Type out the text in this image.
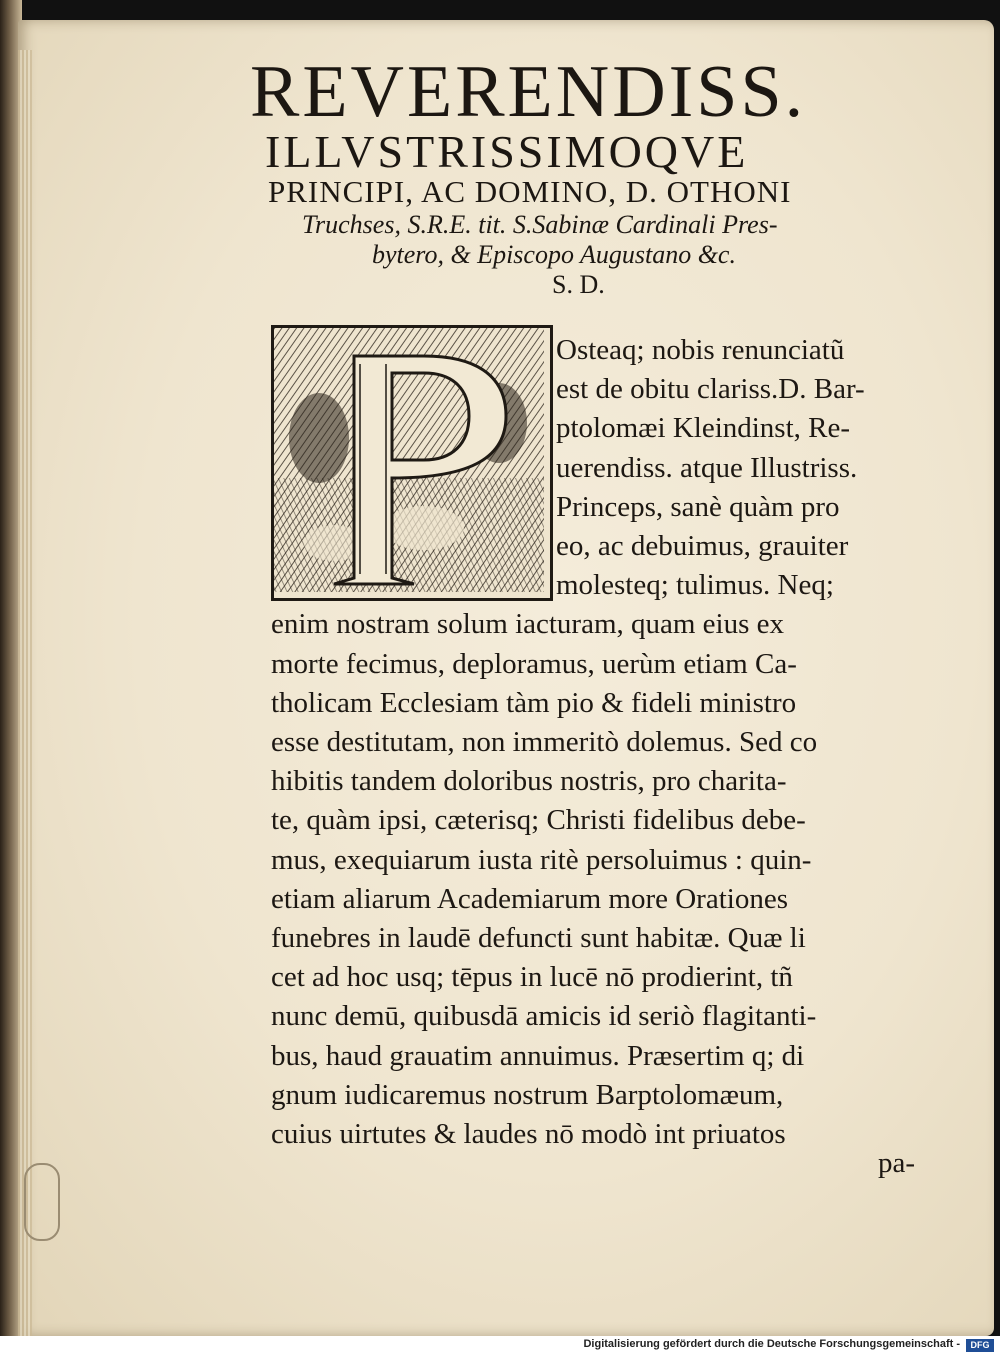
REVERENDISS.
ILLVSTRISSIMOQVE
PRINCIPI, AC DOMINO, D. OTHONI
Truchses, S.R.E. tit. S.Sabinæ Cardinali Pres-
bytero, & Episcopo Augustano &c.
S. D.
Osteaq; nobis renunciatũ
est de obitu clariss.D. Bar-
ptolomæi Kleindinst, Re-
uerendiss. atque Illustriss.
Princeps, sanè quàm pro
eo, ac debuimus, grauiter
molesteq; tulimus. Neq;
enim nostram solum iacturam, quam eius ex
morte fecimus, deploramus, uerùm etiam Ca-
tholicam Ecclesiam tàm pio & fideli ministro
esse destitutam, non immeritò dolemus. Sed co
hibitis tandem doloribus nostris, pro charita-
te, quàm ipsi, cæterisq; Christi fidelibus debe-
mus, exequiarum iusta ritè persoluimus : quin-
etiam aliarum Academiarum more Orationes
funebres in laudē defuncti sunt habitæ. Quæ li
cet ad hoc usq; tēpus in lucē nō prodierint, tñ
nunc demū, quibusdā amicis id seriò flagitanti-
bus, haud grauatim annuimus. Præsertim q; di
gnum iudicaremus nostrum Barptolomæum,
cuius uirtutes & laudes nō modò int priuatos
pa-
Digitalisierung gefördert durch die Deutsche Forschungsgemeinschaft -	DFG
